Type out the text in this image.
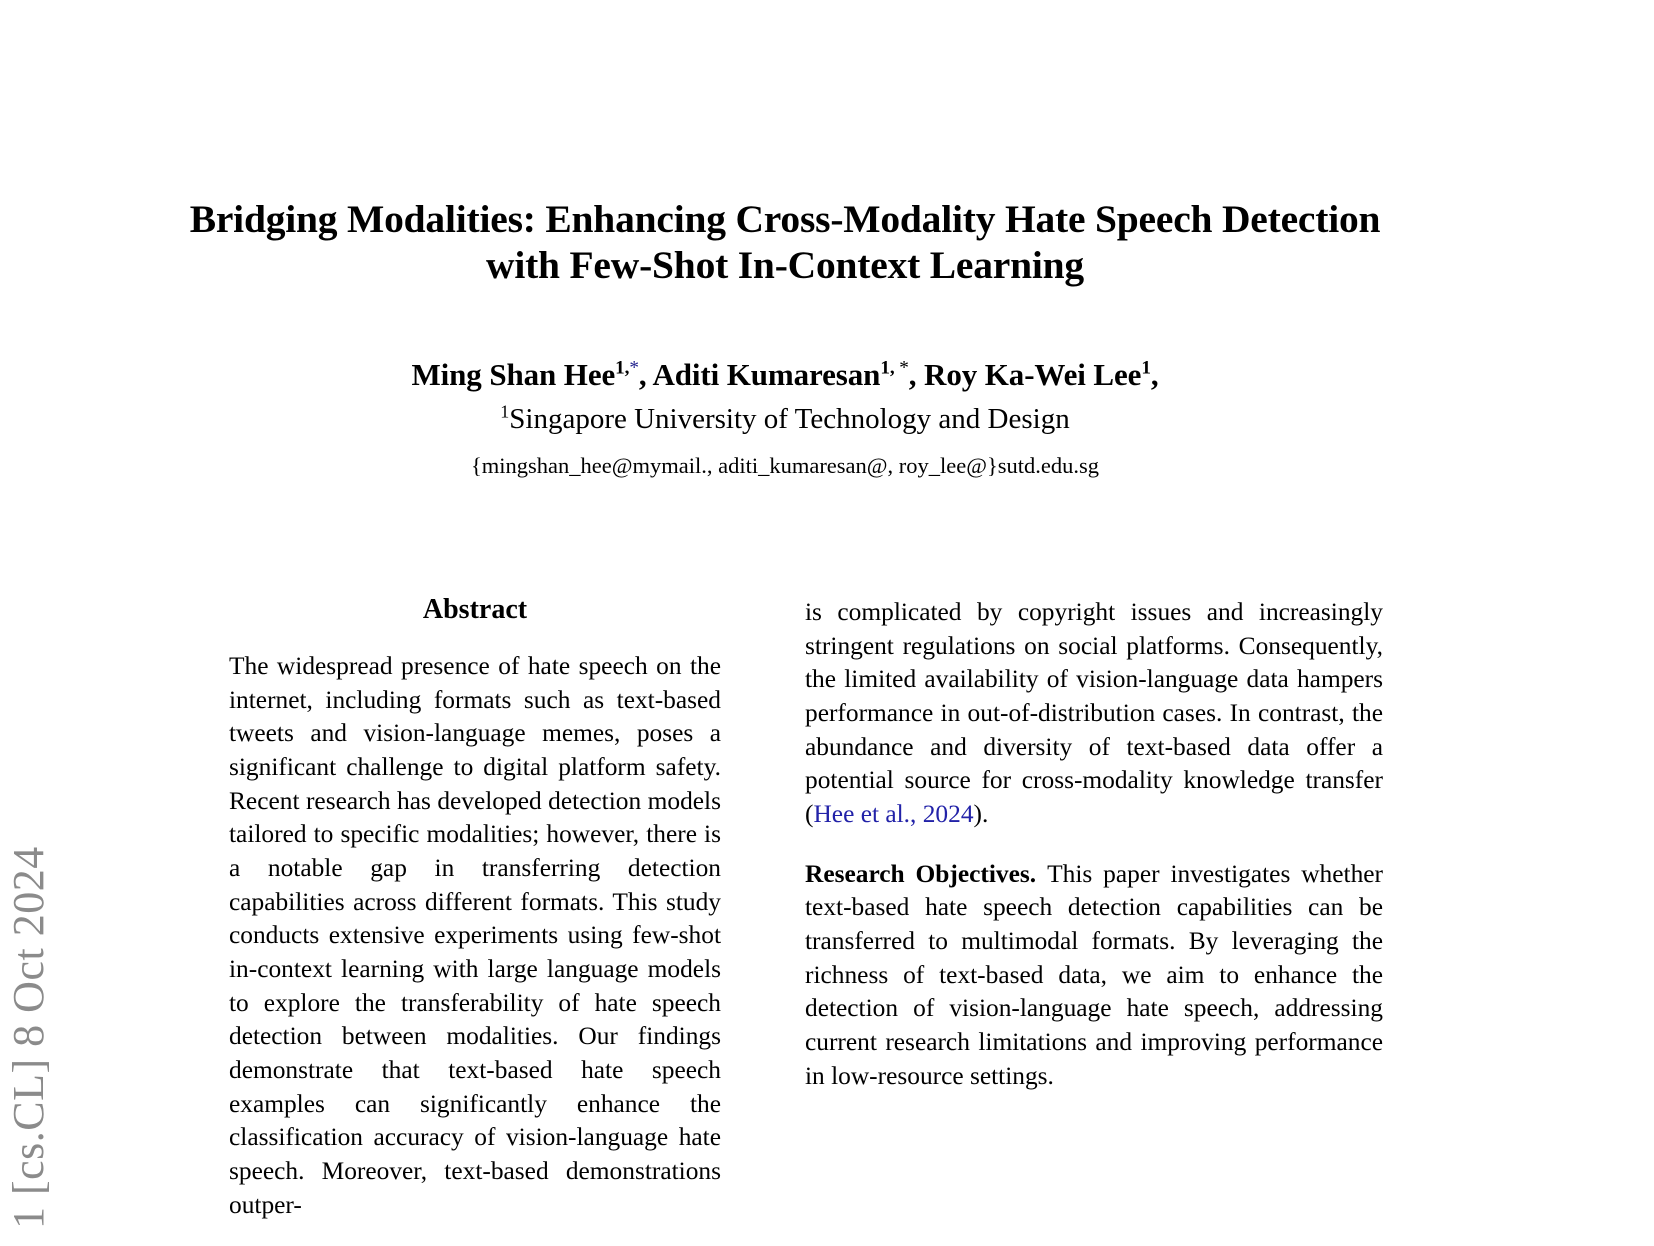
1 [cs.CL] 8 Oct 2024
Bridging Modalities: Enhancing Cross-Modality Hate Speech Detection
with Few-Shot In-Context Learning
Ming Shan Hee$^{1,*}$, Aditi Kumaresan$^{1, *}$, Roy Ka-Wei Lee$^1$,
$^1$Singapore University of Technology and Design
{mingshan_hee@mymail., aditi_kumaresan@, roy_lee@}sutd.edu.sg
Abstract

The widespread presence of hate speech on the internet, including formats such as text-based tweets and vision-language memes, poses a significant challenge to digital platform safety. Recent research has developed detection models tailored to specific modalities; however, there is a notable gap in transferring detection capabilities across different formats. This study conducts extensive experiments using few-shot in-context learning with large language models to explore the transferability of hate speech detection between modalities. Our findings demonstrate that text-based hate speech examples can significantly enhance the classification accuracy of vision-language hate speech. Moreover, text-based demonstrations outper-

is complicated by copyright issues and increasingly stringent regulations on social platforms. Consequently, the limited availability of vision-language data hampers performance in out-of-distribution cases. In contrast, the abundance and diversity of text-based data offer a potential source for cross-modality knowledge transfer (Hee et al., 2024).

Research Objectives. This paper investigates whether text-based hate speech detection capabilities can be transferred to multimodal formats. By leveraging the richness of text-based data, we aim to enhance the detection of vision-language hate speech, addressing current research limitations and improving performance in low-resource settings.
